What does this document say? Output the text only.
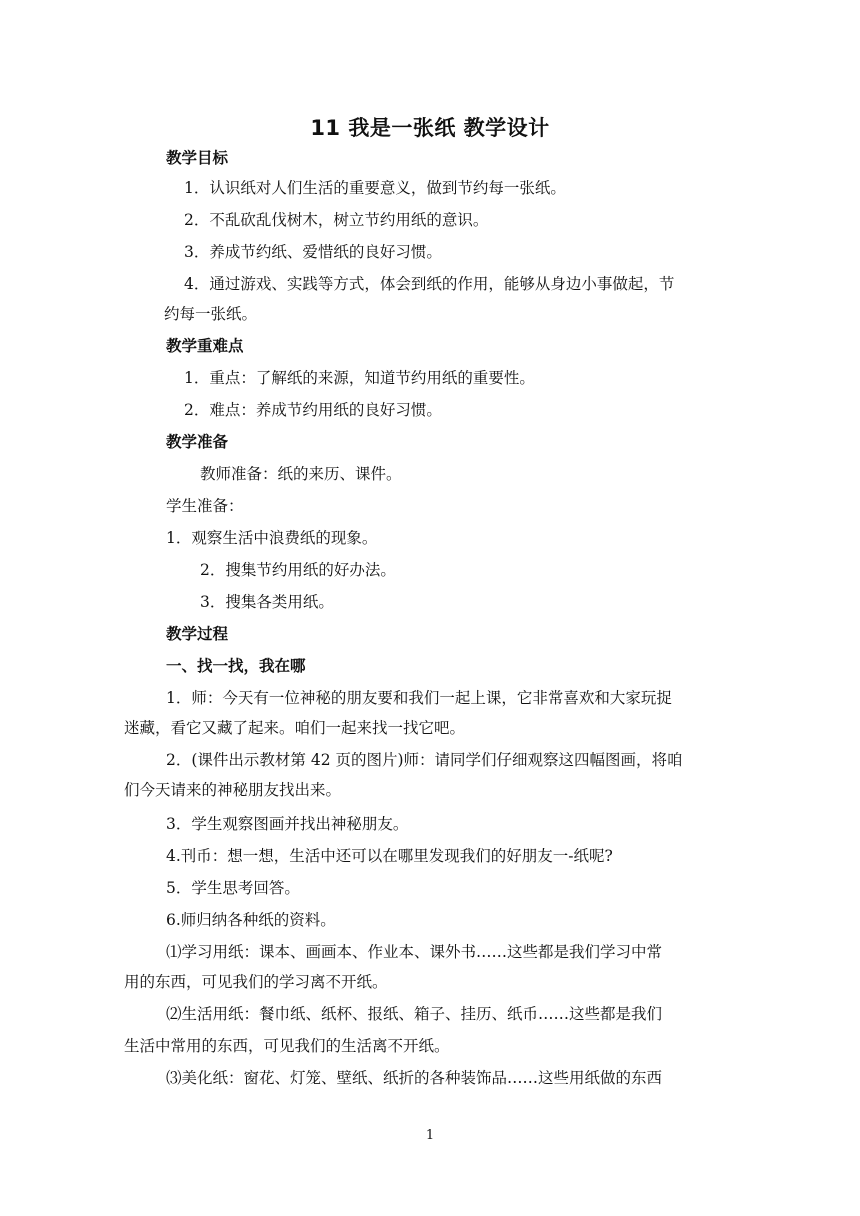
11 我是一张纸 教学设计
教学目标
1．认识纸对人们生活的重要意义，做到节约每一张纸。
2．不乱砍乱伐树木，树立节约用纸的意识。
3．养成节约纸、爱惜纸的良好习惯。
4．通过游戏、实践等方式，体会到纸的作用，能够从身边小事做起，节
约每一张纸。
教学重难点
1．重点：了解纸的来源，知道节约用纸的重要性。
2．难点：养成节约用纸的良好习惯。
教学准备
教师准备：纸的来历、课件。
学生准备：
1．观察生活中浪费纸的现象。
2．搜集节约用纸的好办法。
3．搜集各类用纸。
教学过程
一、找一找，我在哪
1．师：今天有一位神秘的朋友要和我们一起上课，它非常喜欢和大家玩捉
迷藏，看它又藏了起来。咱们一起来找一找它吧。
2．(课件出示教材第 42 页的图片)师：请同学们仔细观察这四幅图画，将咱
们今天请来的神秘朋友找出来。
3．学生观察图画并找出神秘朋友。
4.刊币：想一想，生活中还可以在哪里发现我们的好朋友一-纸呢?
5．学生思考回答。
6.师归纳各种纸的资料。
⑴学习用纸：课本、画画本、作业本、课外书……这些都是我们学习中常
用的东西，可见我们的学习离不开纸。
⑵生活用纸：餐巾纸、纸杯、报纸、箱子、挂历、纸币……这些都是我们
生活中常用的东西，可见我们的生活离不开纸。
⑶美化纸：窗花、灯笼、壁纸、纸折的各种装饰品……这些用纸做的东西
1
